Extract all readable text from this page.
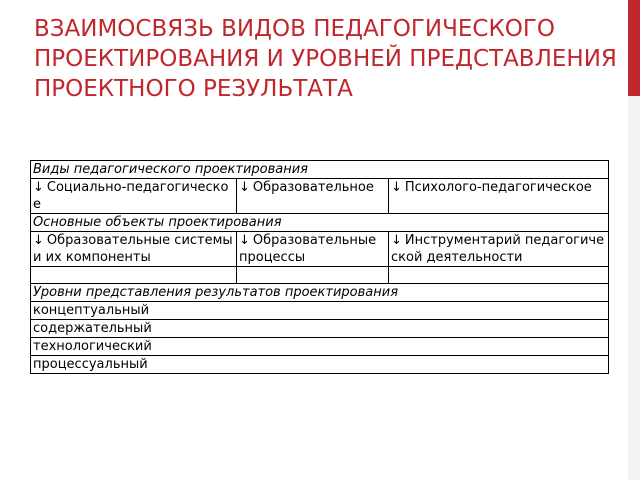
ВЗАИМОСВЯЗЬ ВИДОВ ПЕДАГОГИЧЕСКОГО ПРОЕКТИРОВАНИЯ И УРОВНЕЙ ПРЕДСТАВЛЕНИЯ ПРОЕКТНОГО РЕЗУЛЬТАТА
Виды педагогического проектирования		
↓ Социально-педагогическое	↓ Образовательное	↓ Психолого-педагогическое
Основные объекты проектирования		
↓ Образовательные системы и их компоненты	↓ Образовательные процессы	↓ Инструментарий педагогической деятельности

Уровни представления результатов проектирования		
концептуальный		
содержательный		
технологический		
процессуальный		
